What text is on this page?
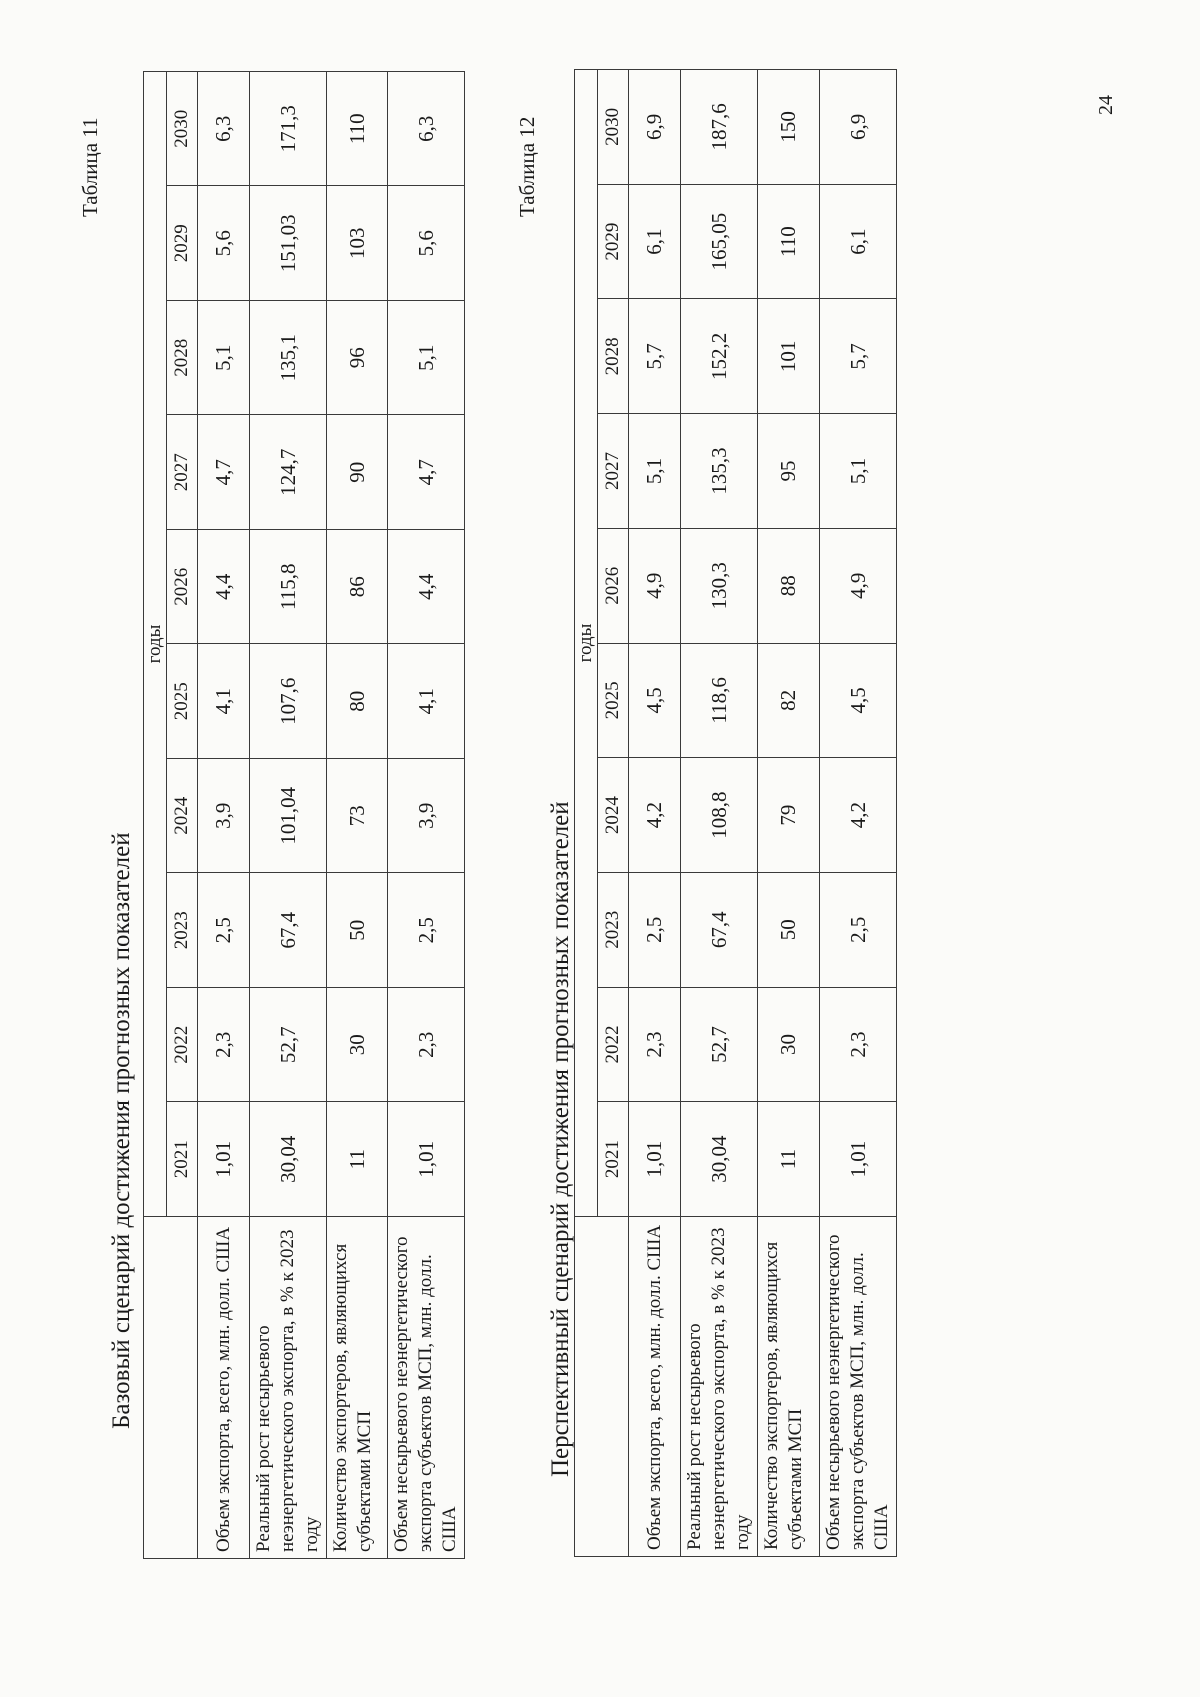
24
Таблица 11
Базовый сценарий достижения прогнозных показателей
	годы									
	2021	2022	2023	2024	2025	2026	2027	2028	2029	2030
Объем экспорта, всего, млн. долл. США	1,01	2,3	2,5	3,9	4,1	4,4	4,7	5,1	5,6	6,3
Реальный рост несырьевого неэнергетического экспорта, в % к 2023 году	30,04	52,7	67,4	101,04	107,6	115,8	124,7	135,1	151,03	171,3
Количество экспортеров, являющихся субъектами МСП	11	30	50	73	80	86	90	96	103	110
Объем несырьевого неэнергетического экспорта субъектов МСП, млн. долл. США	1,01	2,3	2,5	3,9	4,1	4,4	4,7	5,1	5,6	6,3	Таблица 12
Перспективный сценарий достижения прогнозных показателей
	годы									
	2021	2022	2023	2024	2025	2026	2027	2028	2029	2030
Объем экспорта, всего, млн. долл. США	1,01	2,3	2,5	4,2	4,5	4,9	5,1	5,7	6,1	6,9
Реальный рост несырьевого неэнергетического экспорта, в % к 2023 году	30,04	52,7	67,4	108,8	118,6	130,3	135,3	152,2	165,05	187,6
Количество экспортеров, являющихся субъектами МСП	11	30	50	79	82	88	95	101	110	150
Объем несырьевого неэнергетического экспорта субъектов МСП, млн. долл. США	1,01	2,3	2,5	4,2	4,5	4,9	5,1	5,7	6,1	6,9
